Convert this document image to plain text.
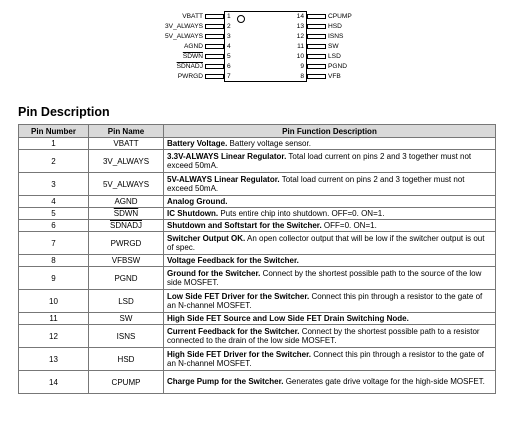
VBATT	1
3V_ALWAYS	2
5V_ALWAYS	3
AGND	4
SDWN	5
SDNADJ	6
PWRGD	7
CPUMP
14
HSD
13
ISNS
12
SW
11
LSD
10
PGND
9
VFB
8
Pin Description
Pin Number	Pin Name	Pin Function Description
1	VBATT	Battery Voltage. Battery voltage sensor.
2	3V_ALWAYS	3.3V-ALWAYS Linear Regulator. Total load current on pins 2 and 3 together must not exceed 50mA.
3	5V_ALWAYS	5V-ALWAYS Linear Regulator. Total load current on pins 2 and 3 together must not exceed 50mA.
4	AGND	Analog Ground.
5	SDWN	IC Shutdown. Puts entire chip into shutdown. OFF=0. ON=1.
6	SDNADJ	Shutdown and Softstart for the Switcher. OFF=0. ON=1.
7	PWRGD	Switcher Output OK. An open collector output that will be low if the switcher output is out of spec.
8	VFBSW	Voltage Feedback for the Switcher.
9	PGND	Ground for the Switcher. Connect by the shortest possible path to the source of the low side MOSFET.
10	LSD	Low Side FET Driver for the Switcher. Connect this pin through a resistor to the gate of an N-channel MOSFET.
11	SW	High Side FET Source and Low Side FET Drain Switching Node.
12	ISNS	Current Feedback for the Switcher. Connect by the shortest possible path to a resistor connected to the drain of the low side MOSFET.
13	HSD	High Side FET Driver for the Switcher. Connect this pin through a resistor to the gate of an N-channel MOSFET.
14	CPUMP	Charge Pump for the Switcher. Generates gate drive voltage for the high-side MOSFET.
